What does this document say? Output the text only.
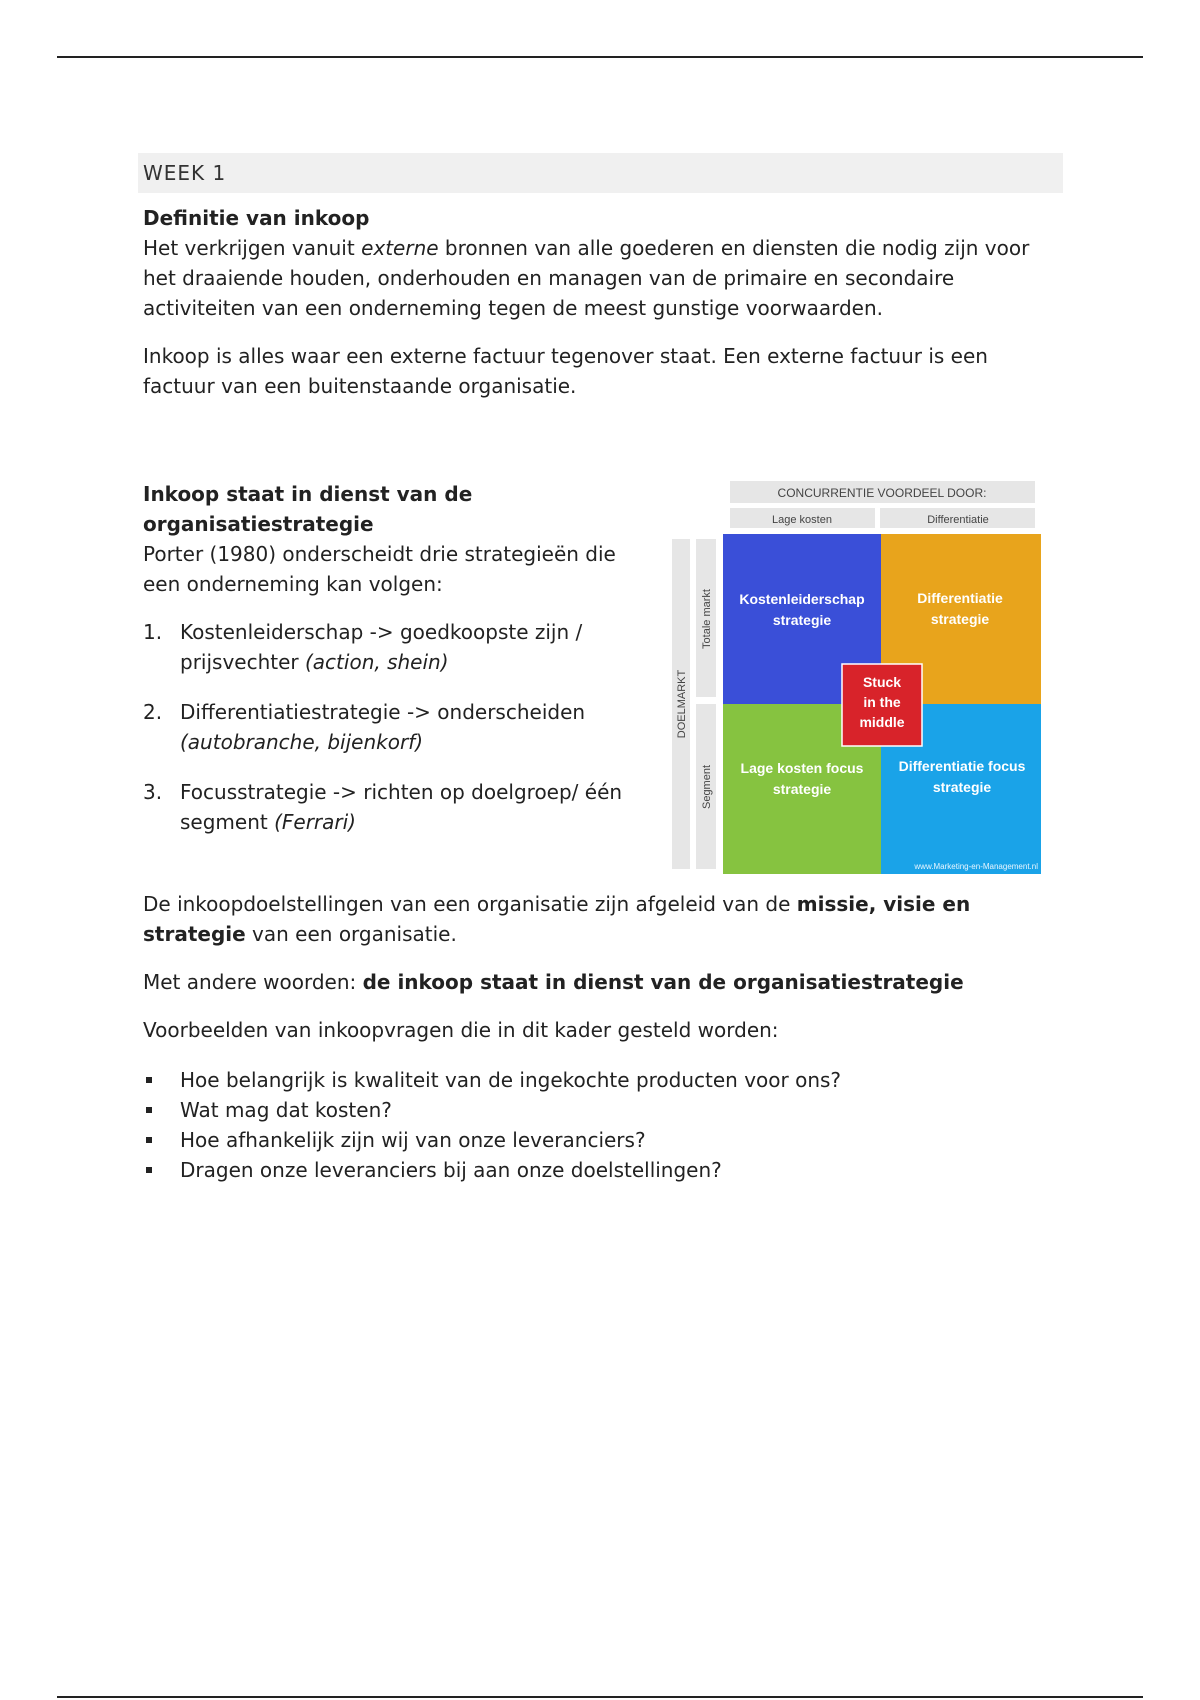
WEEK 1
Definitie van inkoop

Het verkrijgen vanuit externe bronnen van alle goederen en diensten die nodig zijn voor het draaiende houden, onderhouden en managen van de primaire en secondaire activiteiten van een onderneming tegen de meest gunstige voorwaarden.

Inkoop is alles waar een externe factuur tegenover staat. Een externe factuur is een factuur van een buitenstaande organisatie.

Inkoop staat in dienst van de organisatiestrategie

Porter (1980) onderscheidt drie strategieën die een onderneming kan volgen:

1. Kostenleiderschap -> goedkoopste zijn / prijsvechter (action, shein)
2. Differentiatiestrategie -> onderscheiden (autobranche, bijenkorf)
3. Focusstrategie -> richten op doelgroep/ één segment (Ferrari)
CONCURRENTIE VOORDEEL DOOR:
Lage kosten	Differentiatie
DOELMARKT
Totale markt
Segment
Kostenleiderschap
strategie
Differentiatie
strategie
Lage kosten focus
strategie
Differentiatie focus
strategie
Stuck
in the
middle
www.Marketing-en-Management.nl

De inkoopdoelstellingen van een organisatie zijn afgeleid van de missie, visie en strategie van een organisatie.

Met andere woorden: de inkoop staat in dienst van de organisatiestrategie

Voorbeelden van inkoopvragen die in dit kader gesteld worden:

Hoe belangrijk is kwaliteit van de ingekochte producten voor ons?
Wat mag dat kosten?
Hoe afhankelijk zijn wij van onze leveranciers?
Dragen onze leveranciers bij aan onze doelstellingen?
